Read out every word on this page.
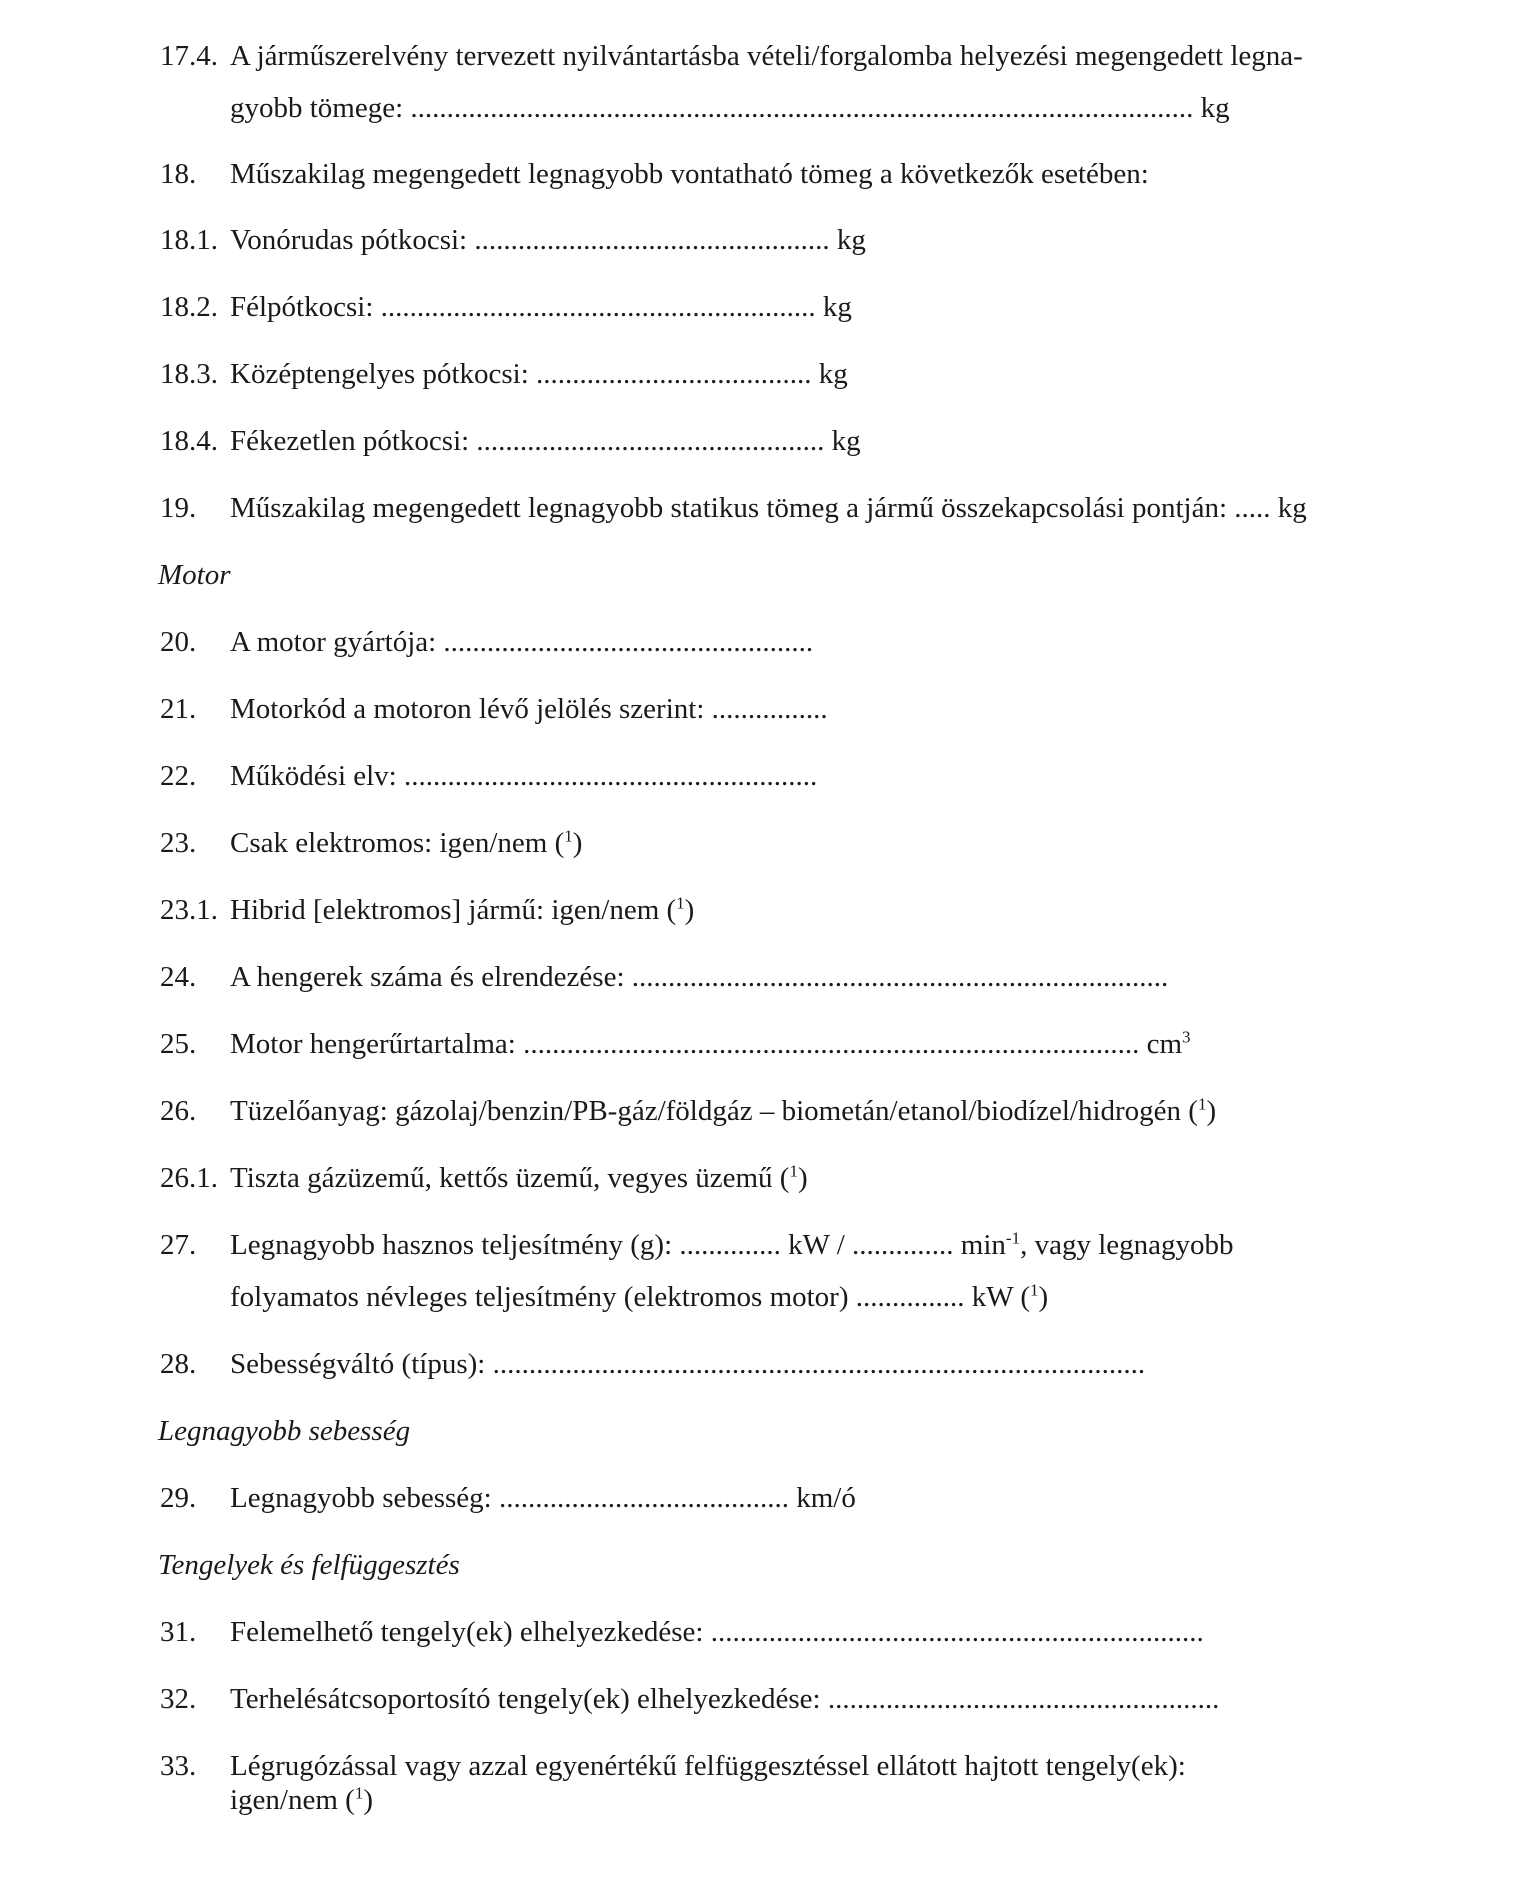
17.4. A járműszerelvény tervezett nyilvántartásba vételi/forgalomba helyezési megengedett legna-
gyobb tömege: ............................................................................................................ kg
18. Műszakilag megengedett legnagyobb vontatható tömeg a következők esetében:
18.1. Vonórudas pótkocsi: ................................................. kg
18.2. Félpótkocsi: ............................................................ kg
18.3. Középtengelyes pótkocsi: ...................................... kg
18.4. Fékezetlen pótkocsi: ................................................ kg
19. Műszakilag megengedett legnagyobb statikus tömeg a jármű összekapcsolási pontján: ..... kg
Motor
20. A motor gyártója: ...................................................
21. Motorkód a motoron lévő jelölés szerint: ................
22. Működési elv: .........................................................
23. Csak elektromos: igen/nem ($^1$)
23.1. Hibrid [elektromos] jármű: igen/nem ($^1$)
24. A hengerek száma és elrendezése: ..........................................................................
25. Motor hengerűrtartalma: ..................................................................................... $cm^3$
26. Tüzelőanyag: gázolaj/benzin/PB-gáz/földgáz – biometán/etanol/biodízel/hidrogén ($^1$)
26.1. Tiszta gázüzemű, kettős üzemű, vegyes üzemű ($^1$)
27. Legnagyobb hasznos teljesítmény (g): .............. kW / .............. $\min^{-1}$, vagy legnagyobb
folyamatos névleges teljesítmény (elektromos motor) ............... kW ($^1$)
28. Sebességváltó (típus): ..........................................................................................
Legnagyobb sebesség
29. Legnagyobb sebesség: ........................................ km/ó
Tengelyek és felfüggesztés
31. Felemelhető tengely(ek) elhelyezkedése: ....................................................................
32. Terhelésátcsoportosító tengely(ek) elhelyezkedése: ......................................................
33. Légrugózással vagy azzal egyenértékű felfüggesztéssel ellátott hajtott tengely(ek):
igen/nem ($^1$)
